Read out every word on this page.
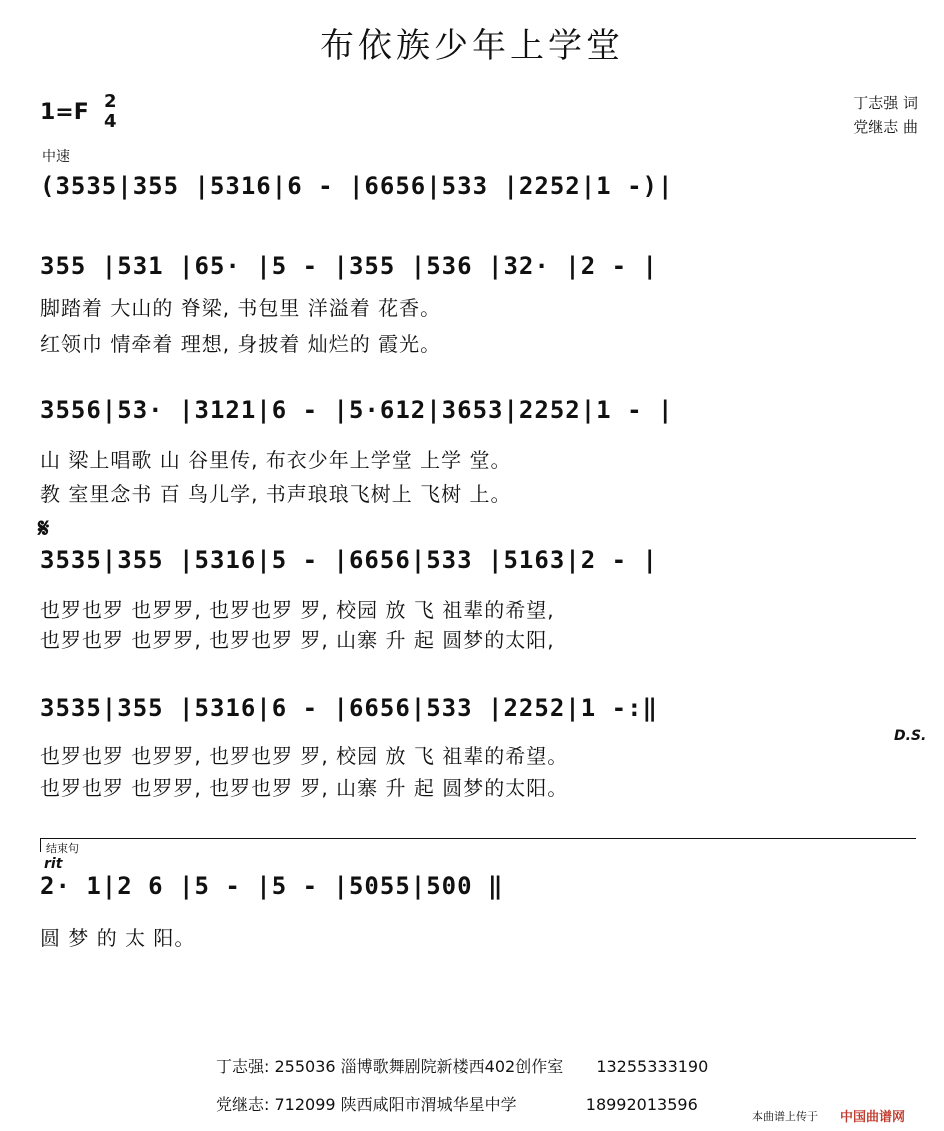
布依族少年上学堂
1=F 2
4
丁志强 词
党继志 曲
中速
(3535|355 |5316|6 - |6656|533 |2252|1 -)|
355 |531 |65· |5 - |355 |536 |32· |2 - |
脚踏着 大山的 脊梁, 书包里 洋溢着 花香。
红领巾 情牵着 理想, 身披着 灿烂的 霞光。
3556|53· |3121|6 - |5·612|3653|2252|1 - |
山 梁上唱歌 山 谷里传, 布衣少年上学堂 上学 堂。
教 室里念书 百 鸟儿学, 书声琅琅飞树上 飞树 上。
𝄋
3535|355 |5316|5 - |6656|533 |5163|2 - |
也罗也罗 也罗罗, 也罗也罗 罗, 校园 放 飞 祖辈的希望,
也罗也罗 也罗罗, 也罗也罗 罗, 山寨 升 起 圆梦的太阳,
3535|355 |5316|6 - |6656|533 |2252|1 -:‖
D.S.
也罗也罗 也罗罗, 也罗也罗 罗, 校园 放 飞 祖辈的希望。
也罗也罗 也罗罗, 也罗也罗 罗, 山寨 升 起 圆梦的太阳。
结束句
rit
2· 1|2 6 |5 - |5 - |5055|500 ‖
圆 梦 的 太 阳。
丁志强: 255036 淄博歌舞剧院新楼西402创作室 13255333190
党继志: 712099 陕西咸阳市渭城华星中学	18992013596
本曲谱上传于 中国曲谱网
